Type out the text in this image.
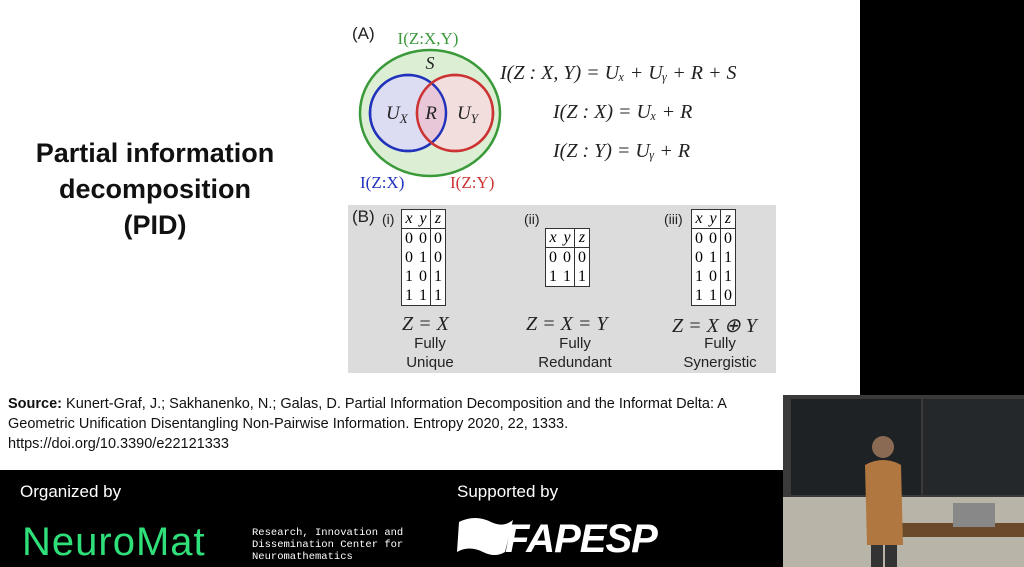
Partial information
decomposition
(PID)
(A) I(Z:X,Y)
S
$U_X$ R $U_Y$
I(Z:X)	I(Z:Y)
I(Z : X, Y) = Uₓ + Uᵧ + R + S
I(Z : X) = Uₓ + R
I(Z : Y) = Uᵧ + R
(B) (i) x	y	z
0	0	0
0	1	0
1	0	1
1	1	1
Z = X
Fully
Unique
(ii)
x	y	z
0	0	0
1	1	1
Z = X = Y
Fully
Redundant
(iii) x	y	z
0	0	0
0	1	1
1	0	1
1	1	0
Z = X ⊕ Y
Fully
Synergistic
Source: Kunert-Graf, J.; Sakhanenko, N.; Galas, D. Partial Information Decomposition and the Informat Delta: A Geometric Unification Disentangling Non-Pairwise Information. Entropy 2020, 22, 1333. https://doi.org/10.3390/e22121333
Organized by	Supported by
NeuroMat	Research, Innovation and
Dissemination Center for
Neuromathematics	FAPESP
